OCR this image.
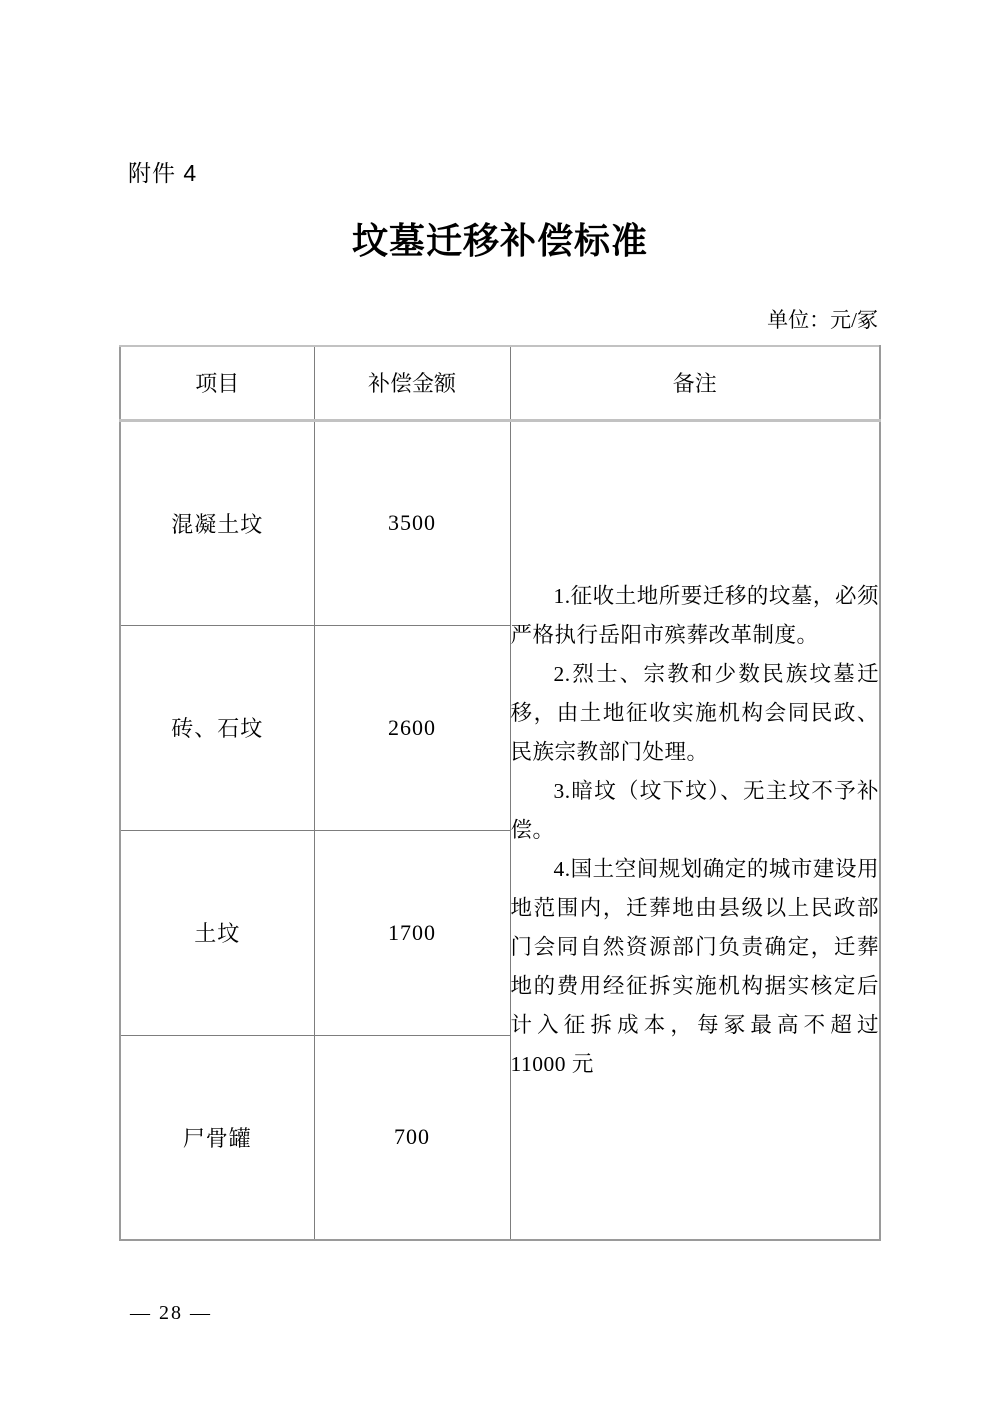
附件 4
坟墓迁移补偿标准
单位：元/冢
项目	补偿金额	备注
混凝土坟	3500	1.征收土地所要迁移的坟墓，必须严格执行岳阳市殡葬改革制度。

2.烈士、宗教和少数民族坟墓迁移，由土地征收实施机构会同民政、民族宗教部门处理。

3.暗坟（坟下坟）、无主坟不予补偿。

4.国土空间规划确定的城市建设用地范围内，迁葬地由县级以上民政部门会同自然资源部门负责确定，迁葬地的费用经征拆实施机构据实核定后计入征拆成本，每冢最高不超过 11000 元

砖、石坟	2600	
土坟	1700	
尸骨罐	700	
— 28 —
